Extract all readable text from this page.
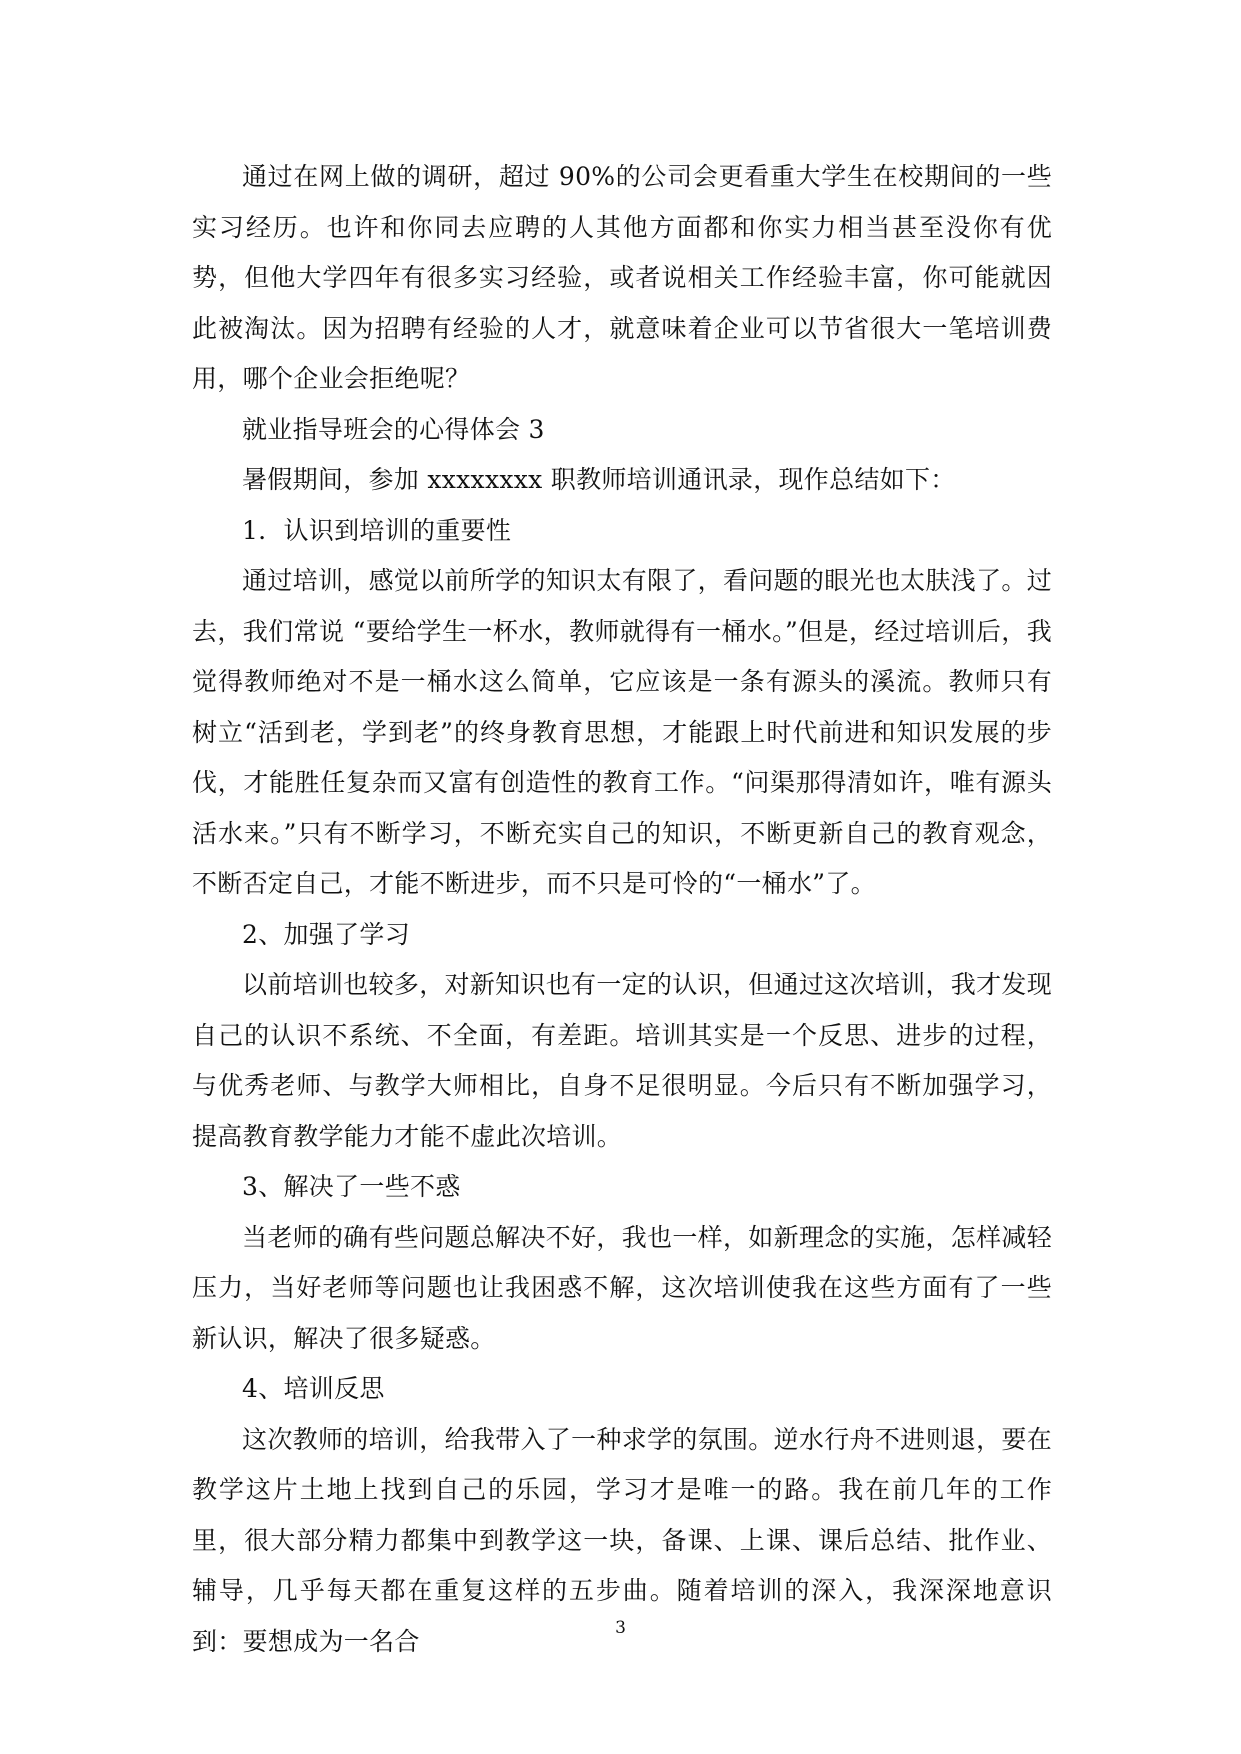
通过在网上做的调研，超过 90%的公司会更看重大学生在校期间的一些实习经历。也许和你同去应聘的人其他方面都和你实力相当甚至没你有优势，但他大学四年有很多实习经验，或者说相关工作经验丰富，你可能就因此被淘汰。因为招聘有经验的人才，就意味着企业可以节省很大一笔培训费用，哪个企业会拒绝呢？

就业指导班会的心得体会 3

暑假期间，参加 xxxxxxxx 职教师培训通讯录，现作总结如下：

1．认识到培训的重要性

通过培训，感觉以前所学的知识太有限了，看问题的眼光也太肤浅了。过去，我们常说 “要给学生一杯水，教师就得有一桶水。”但是，经过培训后，我觉得教师绝对不是一桶水这么简单，它应该是一条有源头的溪流。教师只有树立“活到老，学到老”的终身教育思想，才能跟上时代前进和知识发展的步伐，才能胜任复杂而又富有创造性的教育工作。“问渠那得清如许，唯有源头活水来。”只有不断学习，不断充实自己的知识，不断更新自己的教育观念，不断否定自己，才能不断进步，而不只是可怜的“一桶水”了。

2、加强了学习

以前培训也较多，对新知识也有一定的认识，但通过这次培训，我才发现自己的认识不系统、不全面，有差距。培训其实是一个反思、进步的过程，与优秀老师、与教学大师相比，自身不足很明显。今后只有不断加强学习，提高教育教学能力才能不虚此次培训。

3、解决了一些不惑

当老师的确有些问题总解决不好，我也一样，如新理念的实施，怎样减轻压力，当好老师等问题也让我困惑不解，这次培训使我在这些方面有了一些新认识，解决了很多疑惑。

4、培训反思

这次教师的培训，给我带入了一种求学的氛围。逆水行舟不进则退，要在教学这片土地上找到自己的乐园，学习才是唯一的路。我在前几年的工作里，很大部分精力都集中到教学这一块，备课、上课、课后总结、批作业、辅导，几乎每天都在重复这样的五步曲。随着培训的深入，我深深地意识到：要想成为一名合	3
